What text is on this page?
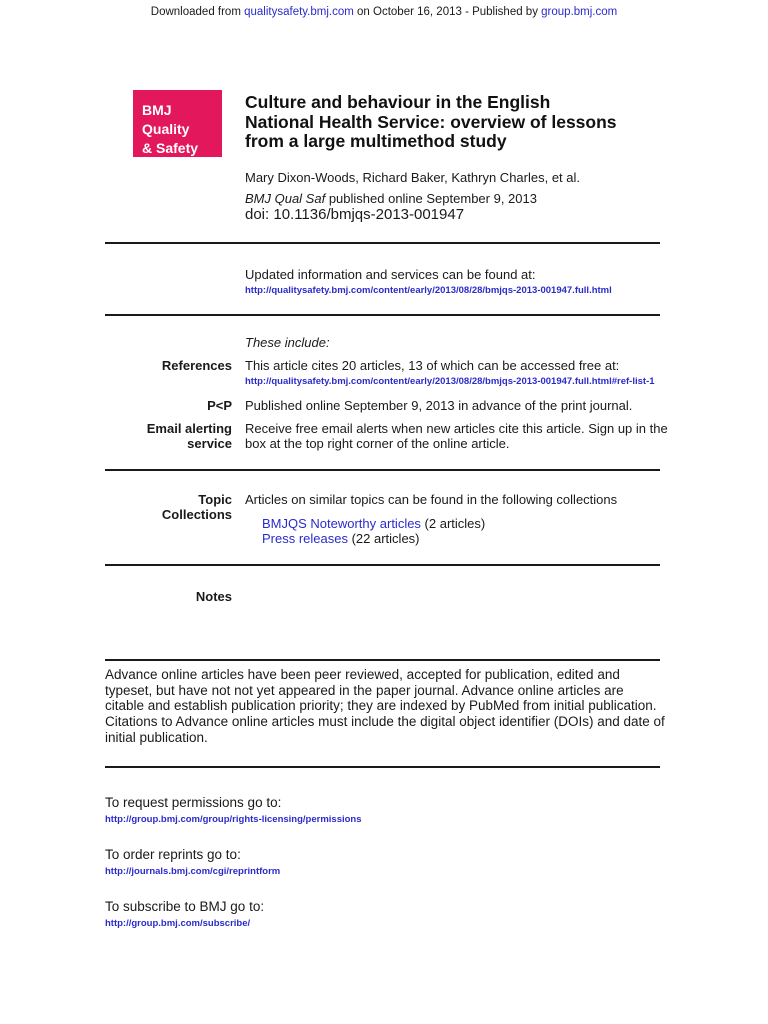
Downloaded from qualitysafety.bmj.com on October 16, 2013 - Published by group.bmj.com
BMJ Quality
& Safety
Culture and behaviour in the English
National Health Service: overview of lessons
from a large multimethod study
Mary Dixon-Woods, Richard Baker, Kathryn Charles, et al.
BMJ Qual Saf published online September 9, 2013
doi: 10.1136/bmjqs-2013-001947
Updated information and services can be found at:
http://qualitysafety.bmj.com/content/early/2013/08/28/bmjqs-2013-001947.full.html
These include:
References This article cites 20 articles, 13 of which can be accessed free at:
http://qualitysafety.bmj.com/content/early/2013/08/28/bmjqs-2013-001947.full.html#ref-list-1
P<P Published online September 9, 2013 in advance of the print journal.
Email alerting service
Receive free email alerts when new articles cite this article. Sign up in the box at the top right corner of the online article.
Topic Collections
Articles on similar topics can be found in the following collections
BMJQS Noteworthy articles (2 articles)
Press releases (22 articles)
Notes
Advance online articles have been peer reviewed, accepted for publication, edited and typeset, but have not not yet appeared in the paper journal. Advance online articles are citable and establish publication priority; they are indexed by PubMed from initial publication. Citations to Advance online articles must include the digital object identifier (DOIs) and date of initial publication.
To request permissions go to:
http://group.bmj.com/group/rights-licensing/permissions
To order reprints go to:
http://journals.bmj.com/cgi/reprintform
To subscribe to BMJ go to:
http://group.bmj.com/subscribe/
